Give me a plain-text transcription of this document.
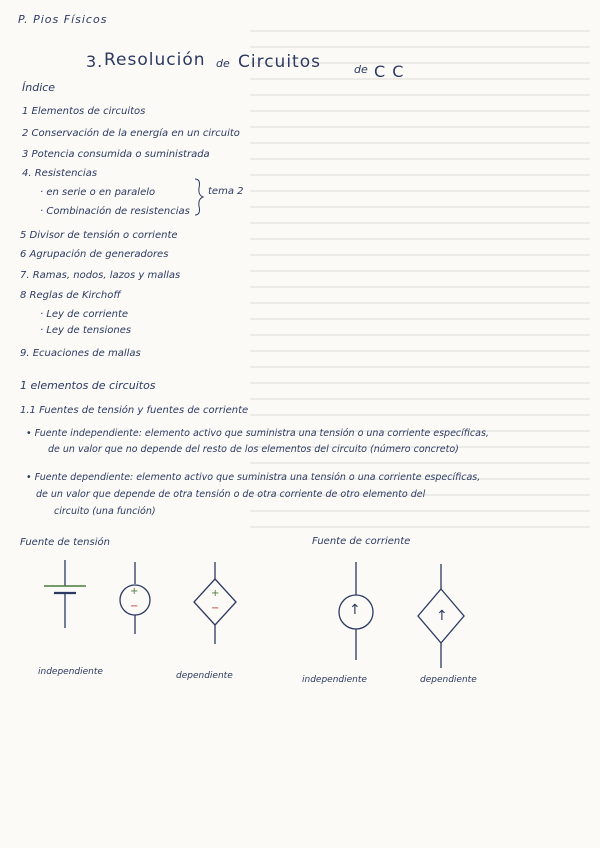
P. Pios Físicos
3. Resolución de Circuitos	de C C
Índice
1 Elementos de circuitos
2 Conservación de la energía en un circuito
3 Potencia consumida o suministrada
4. Resistencias
· en serie o en paralelo
· Combinación de resistencias
5 Divisor de tensión o corriente
6 Agrupación de generadores
7. Ramas, nodos, lazos y mallas
8 Reglas de Kirchoff
· Ley de corriente
· Ley de tensiones
9. Ecuaciones de mallas
tema 2
1 elementos de circuitos
1.1 Fuentes de tensión y fuentes de corriente
• Fuente independiente: elemento activo que suministra una tensión o una corriente específicas,
de un valor que no depende del resto de los elementos del circuito (número concreto)
• Fuente dependiente: elemento activo que suministra una tensión o una corriente específicas,
de un valor que depende de otra tensión o de otra corriente de otro elemento del
circuito (una función)
Fuente de tensión	Fuente de corriente
+
−
+
−	↑	↑
independiente	dependiente	independiente	dependiente
